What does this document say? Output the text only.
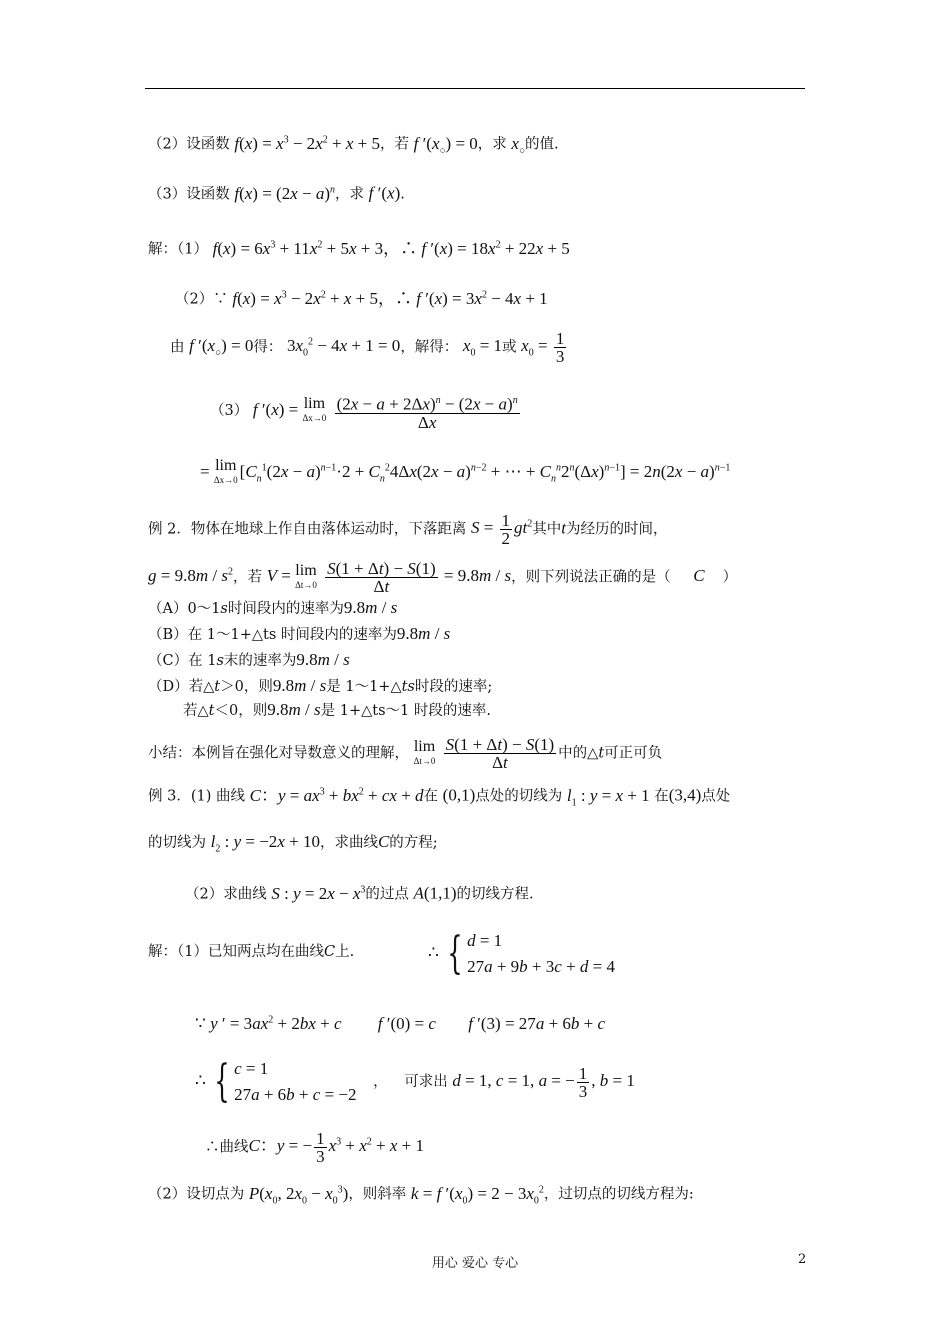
（2）设函数 $f(x) = x^3 - 2x^2 + x + 5$，若 f $'(x_○) = 0$，求 $x_○$的值.
（3）设函数 $f(x) = (2x - a)^n$，求 f ′(x).
解：（1） $f(x) = 6x^3 + 11x^2 + 5x + 3$，∴ f $'(x) = 18x^2 + 22x + 5$
（2）∵ $f(x) = x^3 - 2x^2 + x + 5$，∴ f $'(x) = 3x^2 - 4x + 1$
由 f $'(x_○) = 0$得： $3x_0^2 - 4x + 1 = 0$，解得： $x_0 = 1$或 $x_0 = \frac{1}{3}$
（3） f ′(x) = lim
Δx→0
$\frac{(2x - a + 2\Delta x)^n - (2x - a)^n}{\Delta x}$
= lim
Δx→0 [$C_n^1(2x - a)^{n-1}\cdot 2 + C_n^24\Delta x(2x - a)^{n-2}$ + ⋯ + $C_n^n2^n(\Delta x)^{n-1}] = 2n(2x - a)^{n-1}$
例 2．物体在地球上作自由落体运动时，下落距离 $S = \frac{1}{2} gt^2$其中t为经历的时间，
$g = 9.8m / s^2$，若 V = lim
Δt→0
$\frac{S(1 + \Delta t) - S(1)}{\Delta t} = 9.8m / s$，则下列说法正确的是（ C ）
（A）0～1s时间段内的速率为9.8m / s
（B）在 1～1+△ts 时间段内的速率为9.8m / s
（C）在 1s末的速率为9.8m / s
（D）若△t＞0，则9.8m / s是 1～1+△ts时段的速率;
若△t＜0，则9.8m / s是 1+△ts～1 时段的速率.
小结：本例旨在强化对导数意义的理解， lim
Δt→0
$\frac{S(1 + \Delta t) - S(1)}{\Delta t}$ 中的△t可正可负
例 3．(1) 曲线 C：$y = ax^3 + bx^2$ + cx + d在 (0,1)点处的切线为 $l_1$ : y = x + 1 在(3,4)点处
的切线为 $l_2$ : y = −2x + 10，求曲线C的方程;
（2）求曲线 S : $y = 2x - x^3$的过点 A(1,1)的切线方程.
解：（1）已知两点均在曲线C上.	∴ { d = 1
27a + 9b + 3c + d = 4
∵ y ′ = $3ax^2 + 2bx + c$ f ′(0) = c f ′(3) = 27a + 6b + c
∴ { c = 1
27a + 6b + c = −2
， 可求出 d = 1, c = 1, a = − $\frac{1}{3}$ , b = 1
∴曲线C：y = − $\frac{1}{3} x^3 + x^2 + x + 1$
（2）设切点为 $P(x_0$, $2x_0 - x_0^3$)，则斜率 k = f $'(x_0) = 2 - 3x_0^2$，过切点的切线方程为:
用心 爱心 专心	2
